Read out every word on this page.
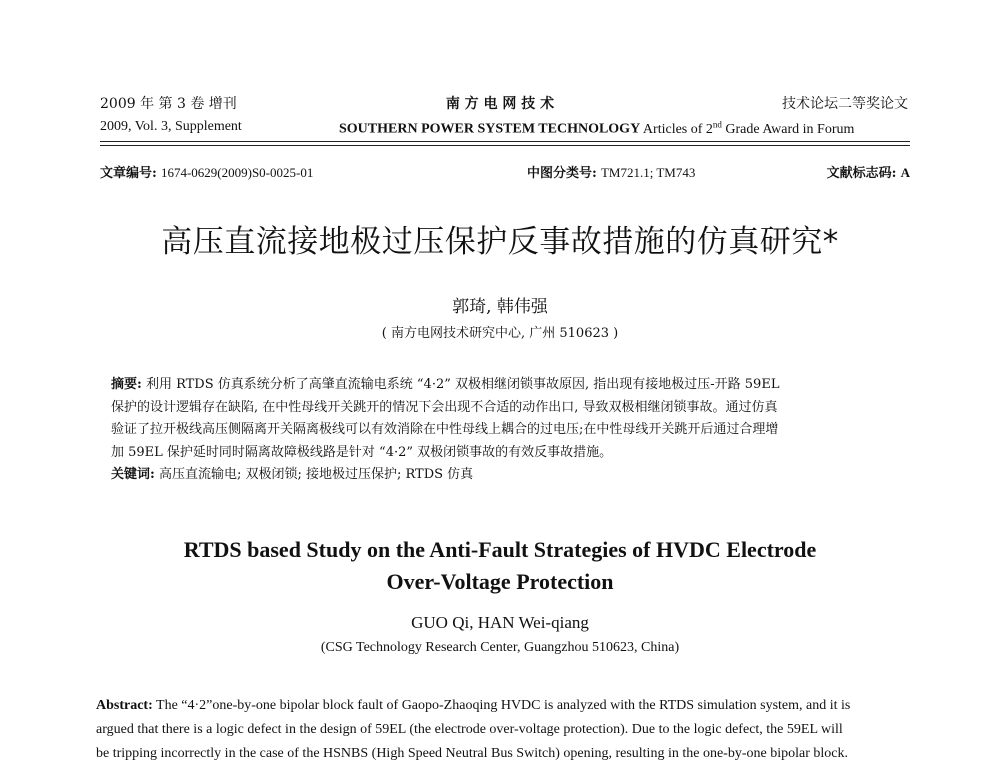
2009 年 第 3 卷 增刊	南 方 电 网 技 术	技术论坛二等奖论文
2009, Vol. 3, Supplement	SOUTHERN POWER SYSTEM TECHNOLOGY Articles of 2nd Grade Award in Forum
文章编号: 1674-0629(2009)S0-0025-01	中图分类号: TM721.1; TM743	文献标志码: A
高压直流接地极过压保护反事故措施的仿真研究*
郭琦, 韩伟强
( 南方电网技术研究中心, 广州 510623 )
摘要: 利用 RTDS 仿真系统分析了高肇直流输电系统 “4·2” 双极相继闭锁事故原因, 指出现有接地极过压-开路 59EL
保护的设计逻辑存在缺陷, 在中性母线开关跳开的情况下会出现不合适的动作出口, 导致双极相继闭锁事故。通过仿真
验证了拉开极线高压侧隔离开关隔离极线可以有效消除在中性母线上耦合的过电压;在中性母线开关跳开后通过合理增
加 59EL 保护延时同时隔离故障极线路是针对 “4·2” 双极闭锁事故的有效反事故措施。
关键词: 高压直流输电; 双极闭锁; 接地极过压保护; RTDS 仿真
RTDS based Study on the Anti-Fault Strategies of HVDC Electrode
Over-Voltage Protection
GUO Qi, HAN Wei-qiang
(CSG Technology Research Center, Guangzhou 510623, China)
Abstract: The “4·2”one-by-one bipolar block fault of Gaopo-Zhaoqing HVDC is analyzed with the RTDS simulation system, and it is
argued that there is a logic defect in the design of 59EL (the electrode over-voltage protection). Due to the logic defect, the 59EL will
be tripping incorrectly in the case of the HSNBS (High Speed Neutral Bus Switch) opening, resulting in the one-by-one bipolar block.
